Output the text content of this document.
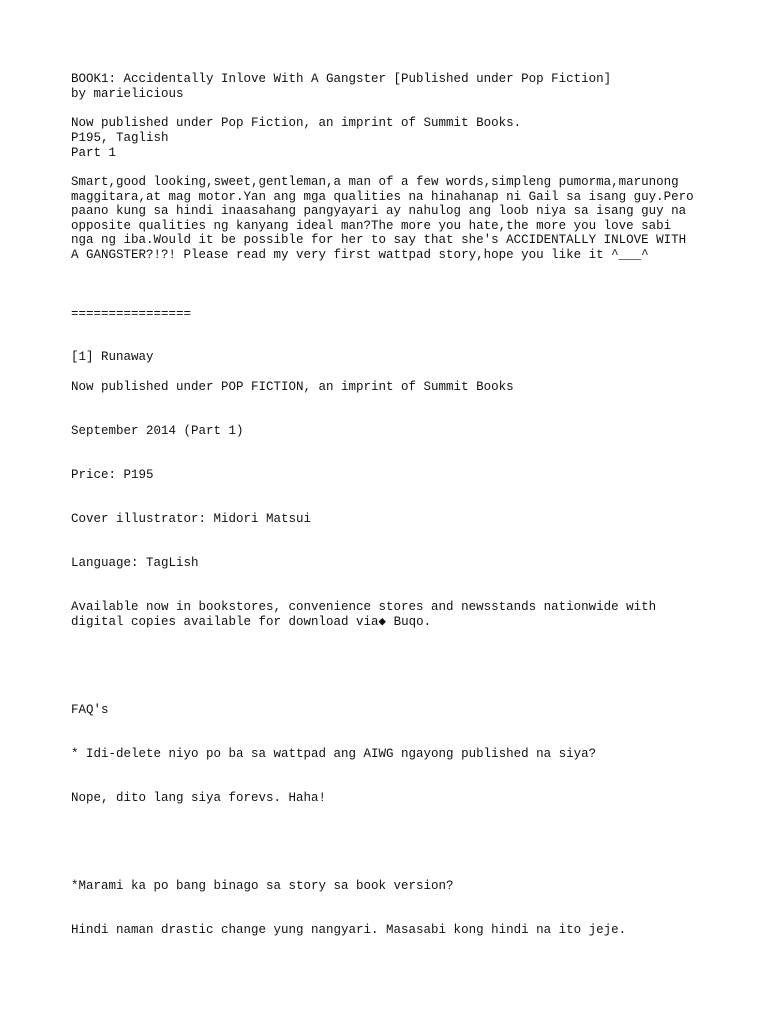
BOOK1: Accidentally Inlove With A Gangster [Published under Pop Fiction]
by marielicious
Now published under Pop Fiction, an imprint of Summit Books.
P195, Taglish
Part 1
Smart,good looking,sweet,gentleman,a man of a few words,simpleng pumorma,marunong
maggitara,at mag motor.Yan ang mga qualities na hinahanap ni Gail sa isang guy.Pero
paano kung sa hindi inaasahang pangyayari ay nahulog ang loob niya sa isang guy na
opposite qualities ng kanyang ideal man?The more you hate,the more you love sabi
nga ng iba.Would it be possible for her to say that she's ACCIDENTALLY INLOVE WITH
A GANGSTER?!?! Please read my very first wattpad story,hope you like it ^___^
================
[1] Runaway
Now published under POP FICTION, an imprint of Summit Books
September 2014 (Part 1)
Price: P195
Cover illustrator: Midori Matsui
Language: TagLish
Available now in bookstores, convenience stores and newsstands nationwide with
digital copies available for download via◆ Buqo.
FAQ's
* Idi-delete niyo po ba sa wattpad ang AIWG ngayong published na siya?
Nope, dito lang siya forevs. Haha!
*Marami ka po bang binago sa story sa book version?
Hindi naman drastic change yung nangyari. Masasabi kong hindi na ito jeje.
